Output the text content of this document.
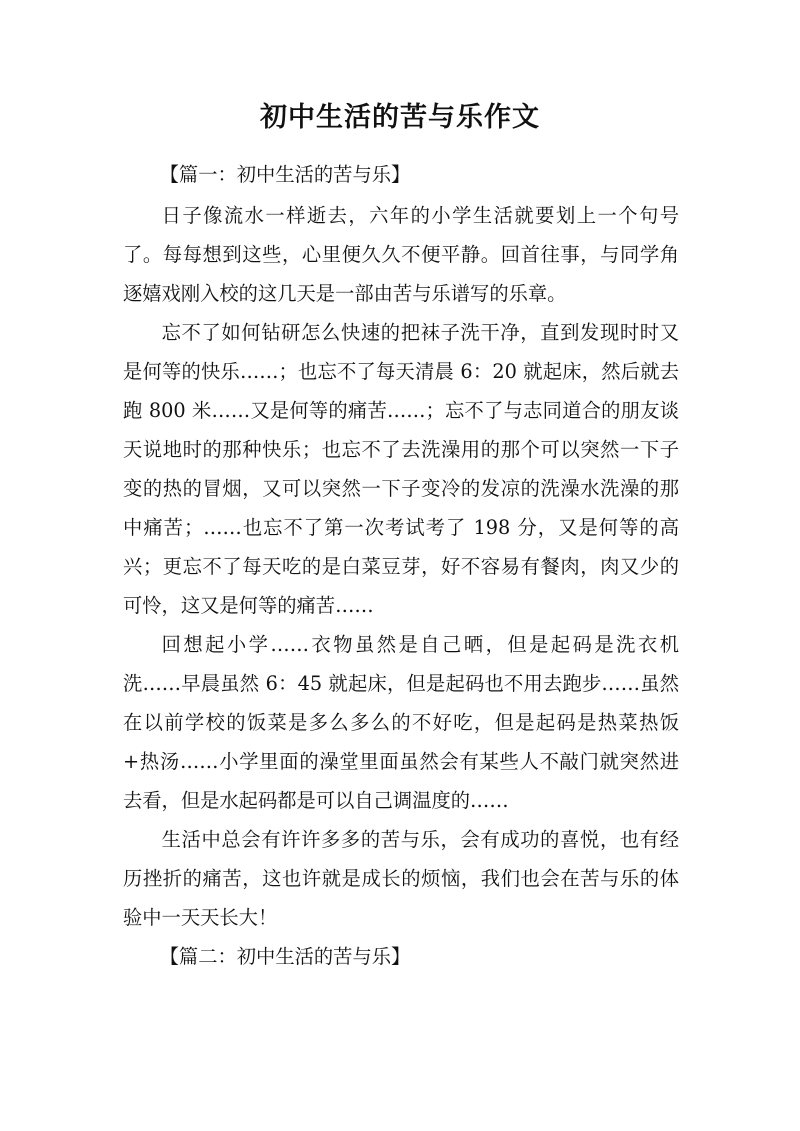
初中生活的苦与乐作文

【篇一：初中生活的苦与乐】

日子像流水一样逝去，六年的小学生活就要划上一个句号了。每每想到这些，心里便久久不便平静。回首往事，与同学角逐嬉戏刚入校的这几天是一部由苦与乐谱写的乐章。

忘不了如何钻研怎么快速的把袜子洗干净，直到发现时时又是何等的快乐……；也忘不了每天清晨 6：20 就起床，然后就去跑 800 米……又是何等的痛苦……；忘不了与志同道合的朋友谈天说地时的那种快乐；也忘不了去洗澡用的那个可以突然一下子变的热的冒烟，又可以突然一下子变冷的发凉的洗澡水洗澡的那中痛苦；……也忘不了第一次考试考了 198 分，又是何等的高兴；更忘不了每天吃的是白菜豆芽，好不容易有餐肉，肉又少的可怜，这又是何等的痛苦……

回想起小学……衣物虽然是自己晒，但是起码是洗衣机洗……早晨虽然 6：45 就起床，但是起码也不用去跑步……虽然在以前学校的饭菜是多么多么的不好吃，但是起码是热菜热饭+热汤……小学里面的澡堂里面虽然会有某些人不敲门就突然进去看，但是水起码都是可以自己调温度的……

生活中总会有许许多多的苦与乐，会有成功的喜悦，也有经历挫折的痛苦，这也许就是成长的烦恼，我们也会在苦与乐的体验中一天天长大！

【篇二：初中生活的苦与乐】
